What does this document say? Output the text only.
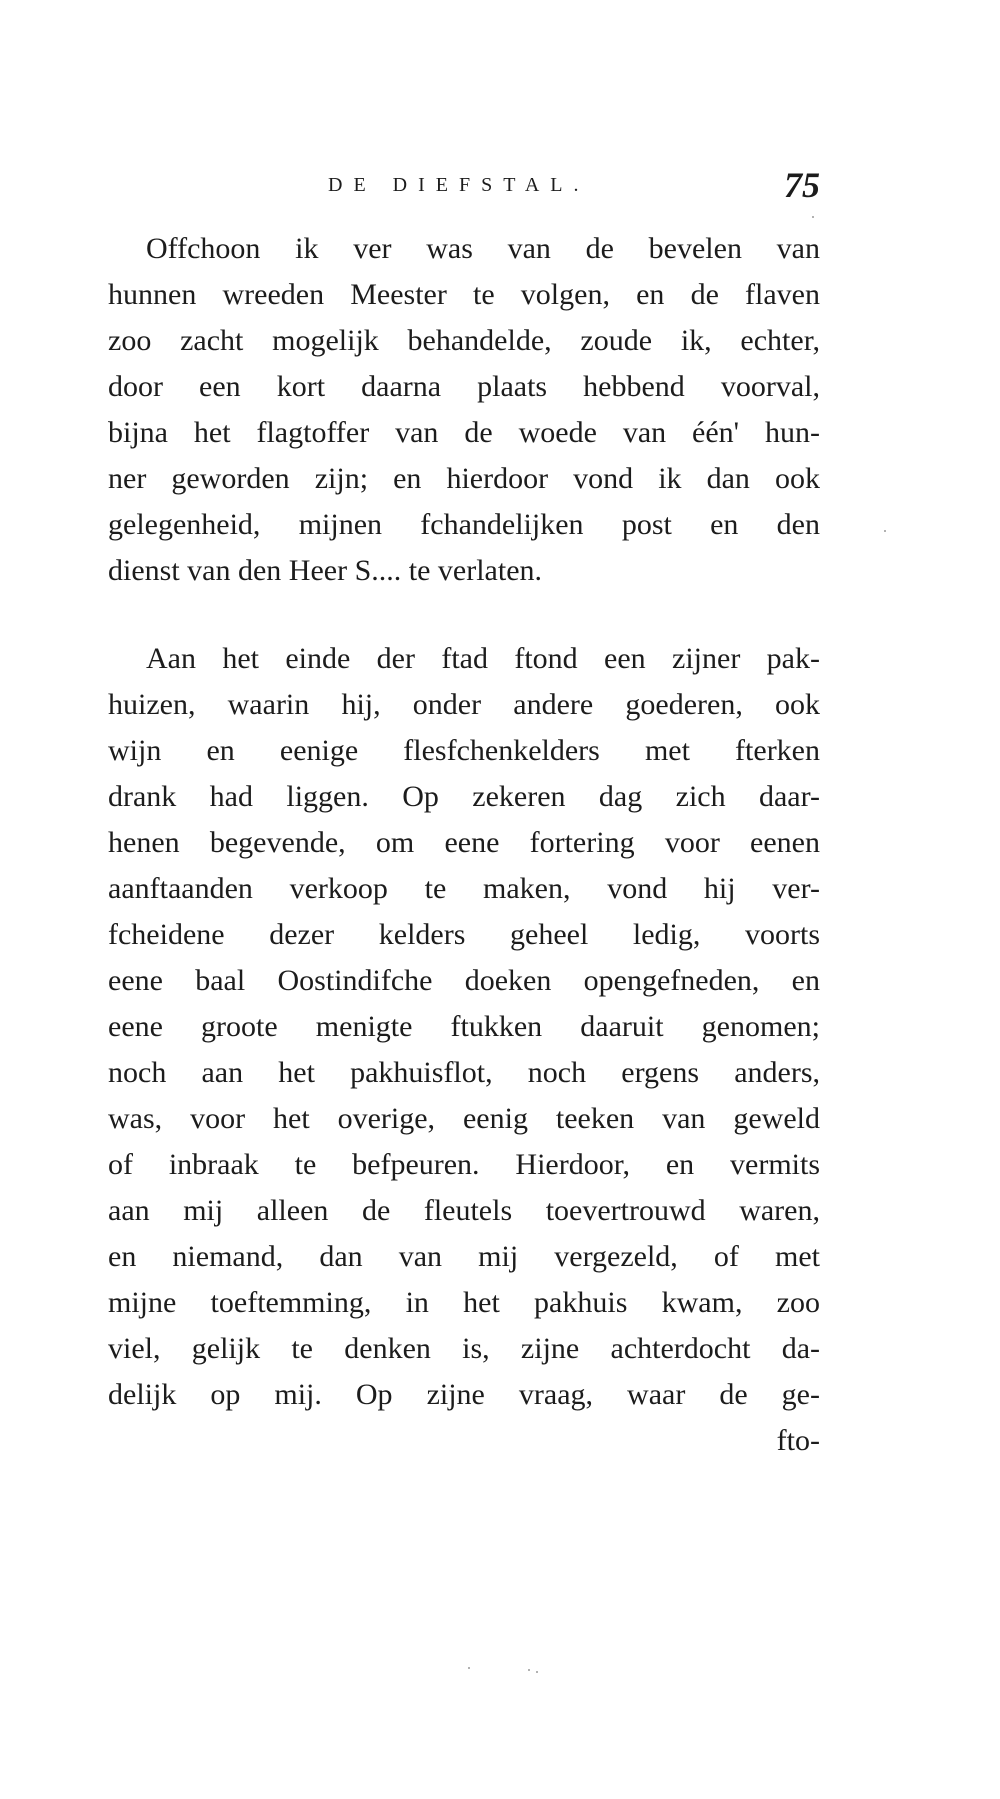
DE DIEFSTAL.	75
Offchoon ik ver was van de bevelen van
hunnen wreeden Meester te volgen, en de flaven
zoo zacht mogelijk behandelde, zoude ik, echter,
door een kort daarna plaats hebbend voorval,
bijna het flagtoffer van de woede van één' hun-
ner geworden zijn; en hierdoor vond ik dan ook
gelegenheid, mijnen fchandelijken post en den
dienst van den Heer S.... te verlaten.
Aan het einde der ftad ftond een zijner pak-
huizen, waarin hij, onder andere goederen, ook
wijn en eenige flesfchenkelders met fterken
drank had liggen. Op zekeren dag zich daar-
henen begevende, om eene fortering voor eenen
aanftaanden verkoop te maken, vond hij ver-
fcheidene dezer kelders geheel ledig, voorts
eene baal Oostindifche doeken opengefneden, en
eene groote menigte ftukken daaruit genomen;
noch aan het pakhuisflot, noch ergens anders,
was, voor het overige, eenig teeken van geweld
of inbraak te befpeuren. Hierdoor, en vermits
aan mij alleen de fleutels toevertrouwd waren,
en niemand, dan van mij vergezeld, of met
mijne toeftemming, in het pakhuis kwam, zoo
viel, gelijk te denken is, zijne achterdocht da-
delijk op mij. Op zijne vraag, waar de ge-
fto-
